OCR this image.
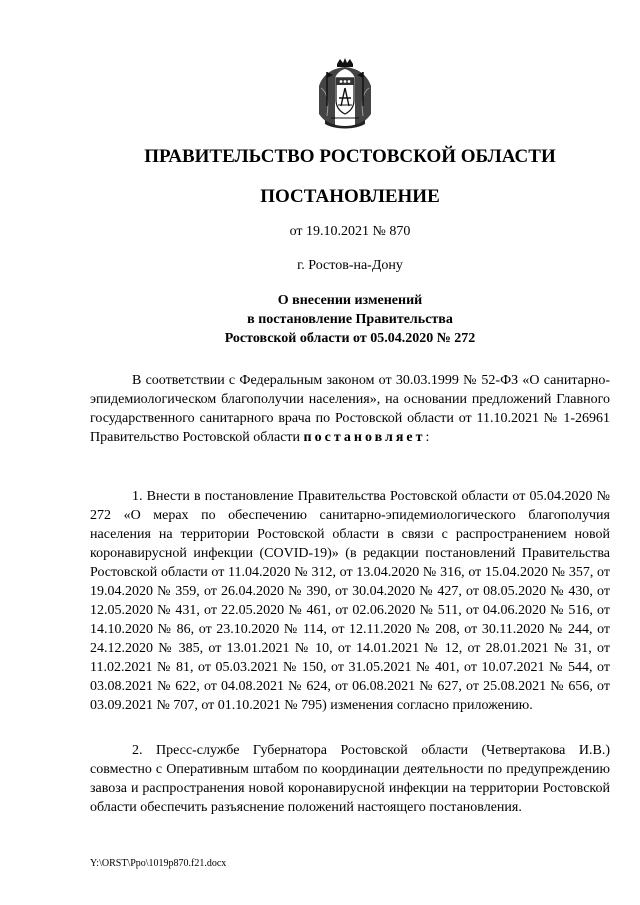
ПРАВИТЕЛЬСТВО РОСТОВСКОЙ ОБЛАСТИ
ПОСТАНОВЛЕНИЕ
от 19.10.2021 № 870
г. Ростов-на-Дону
О внесении изменений
в постановление Правительства
Ростовской области от 05.04.2020 № 272
В соответствии с Федеральным законом от 30.03.1999 № 52-ФЗ «О санитарно-эпидемиологическом благополучии населения», на основании предложений Главного государственного санитарного врача по Ростовской области от 11.10.2021 № 1-26961 Правительство Ростовской области постановляет:
1. Внести в постановление Правительства Ростовской области от 05.04.2020 № 272 «О мерах по обеспечению санитарно-эпидемиологического благополучия населения на территории Ростовской области в связи с распространением новой коронавирусной инфекции (COVID-19)» (в редакции постановлений Правительства Ростовской области от 11.04.2020 № 312, от 13.04.2020 № 316, от 15.04.2020 № 357, от 19.04.2020 № 359, от 26.04.2020 № 390, от 30.04.2020 № 427, от 08.05.2020 № 430, от 12.05.2020 № 431, от 22.05.2020 № 461, от 02.06.2020 № 511, от 04.06.2020 № 516, от 14.10.2020 № 86, от 23.10.2020 № 114, от 12.11.2020 № 208, от 30.11.2020 № 244, от 24.12.2020 № 385, от 13.01.2021 № 10, от 14.01.2021 № 12, от 28.01.2021 № 31, от 11.02.2021 № 81, от 05.03.2021 № 150, от 31.05.2021 № 401, от 10.07.2021 № 544, от 03.08.2021 № 622, от 04.08.2021 № 624, от 06.08.2021 № 627, от 25.08.2021 № 656, от 03.09.2021 № 707, от 01.10.2021 № 795) изменения согласно приложению.
2. Пресс-службе Губернатора Ростовской области (Четвертакова И.В.) совместно с Оперативным штабом по координации деятельности по предупреждению завоза и распространения новой коронавирусной инфекции на территории Ростовской области обеспечить разъяснение положений настоящего постановления.
Y:\ORST\Ppo\1019p870.f21.docx
